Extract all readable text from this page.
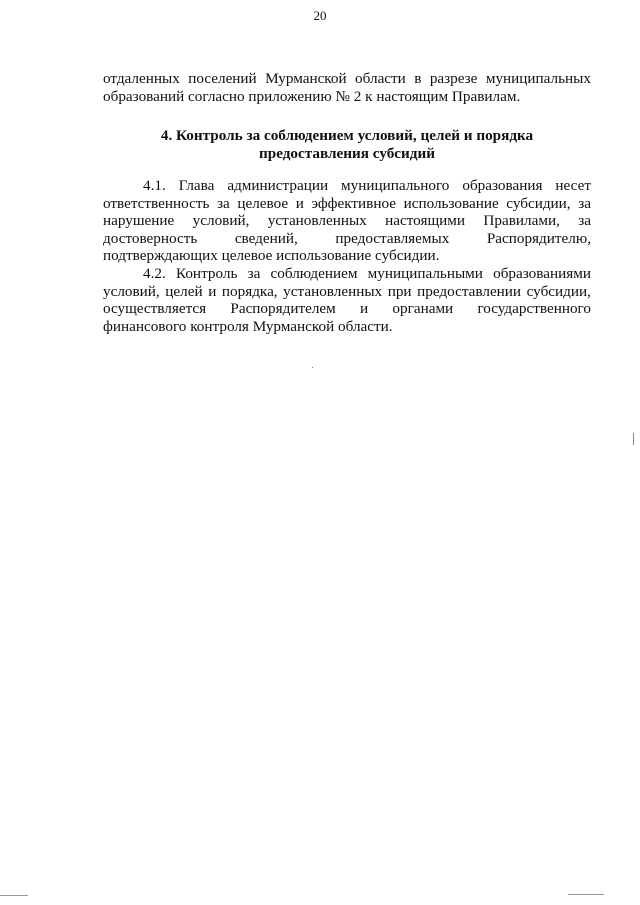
20
отдаленных поселений Мурманской области в разрезе муниципальных
образований согласно приложению № 2 к настоящим Правилам.
4. Контроль за соблюдением условий, целей и порядка
предоставления субсидий
4.1. Глава администрации муниципального образования несет
ответственность за целевое и эффективное использование субсидии, за
нарушение условий, установленных настоящими Правилами, за
достоверность сведений, предоставляемых Распорядителю,
подтверждающих целевое использование субсидии.
4.2. Контроль за соблюдением муниципальными образованиями
условий, целей и порядка, установленных при предоставлении субсидии,
осуществляется Распорядителем и органами государственного
финансового контроля Мурманской области.
